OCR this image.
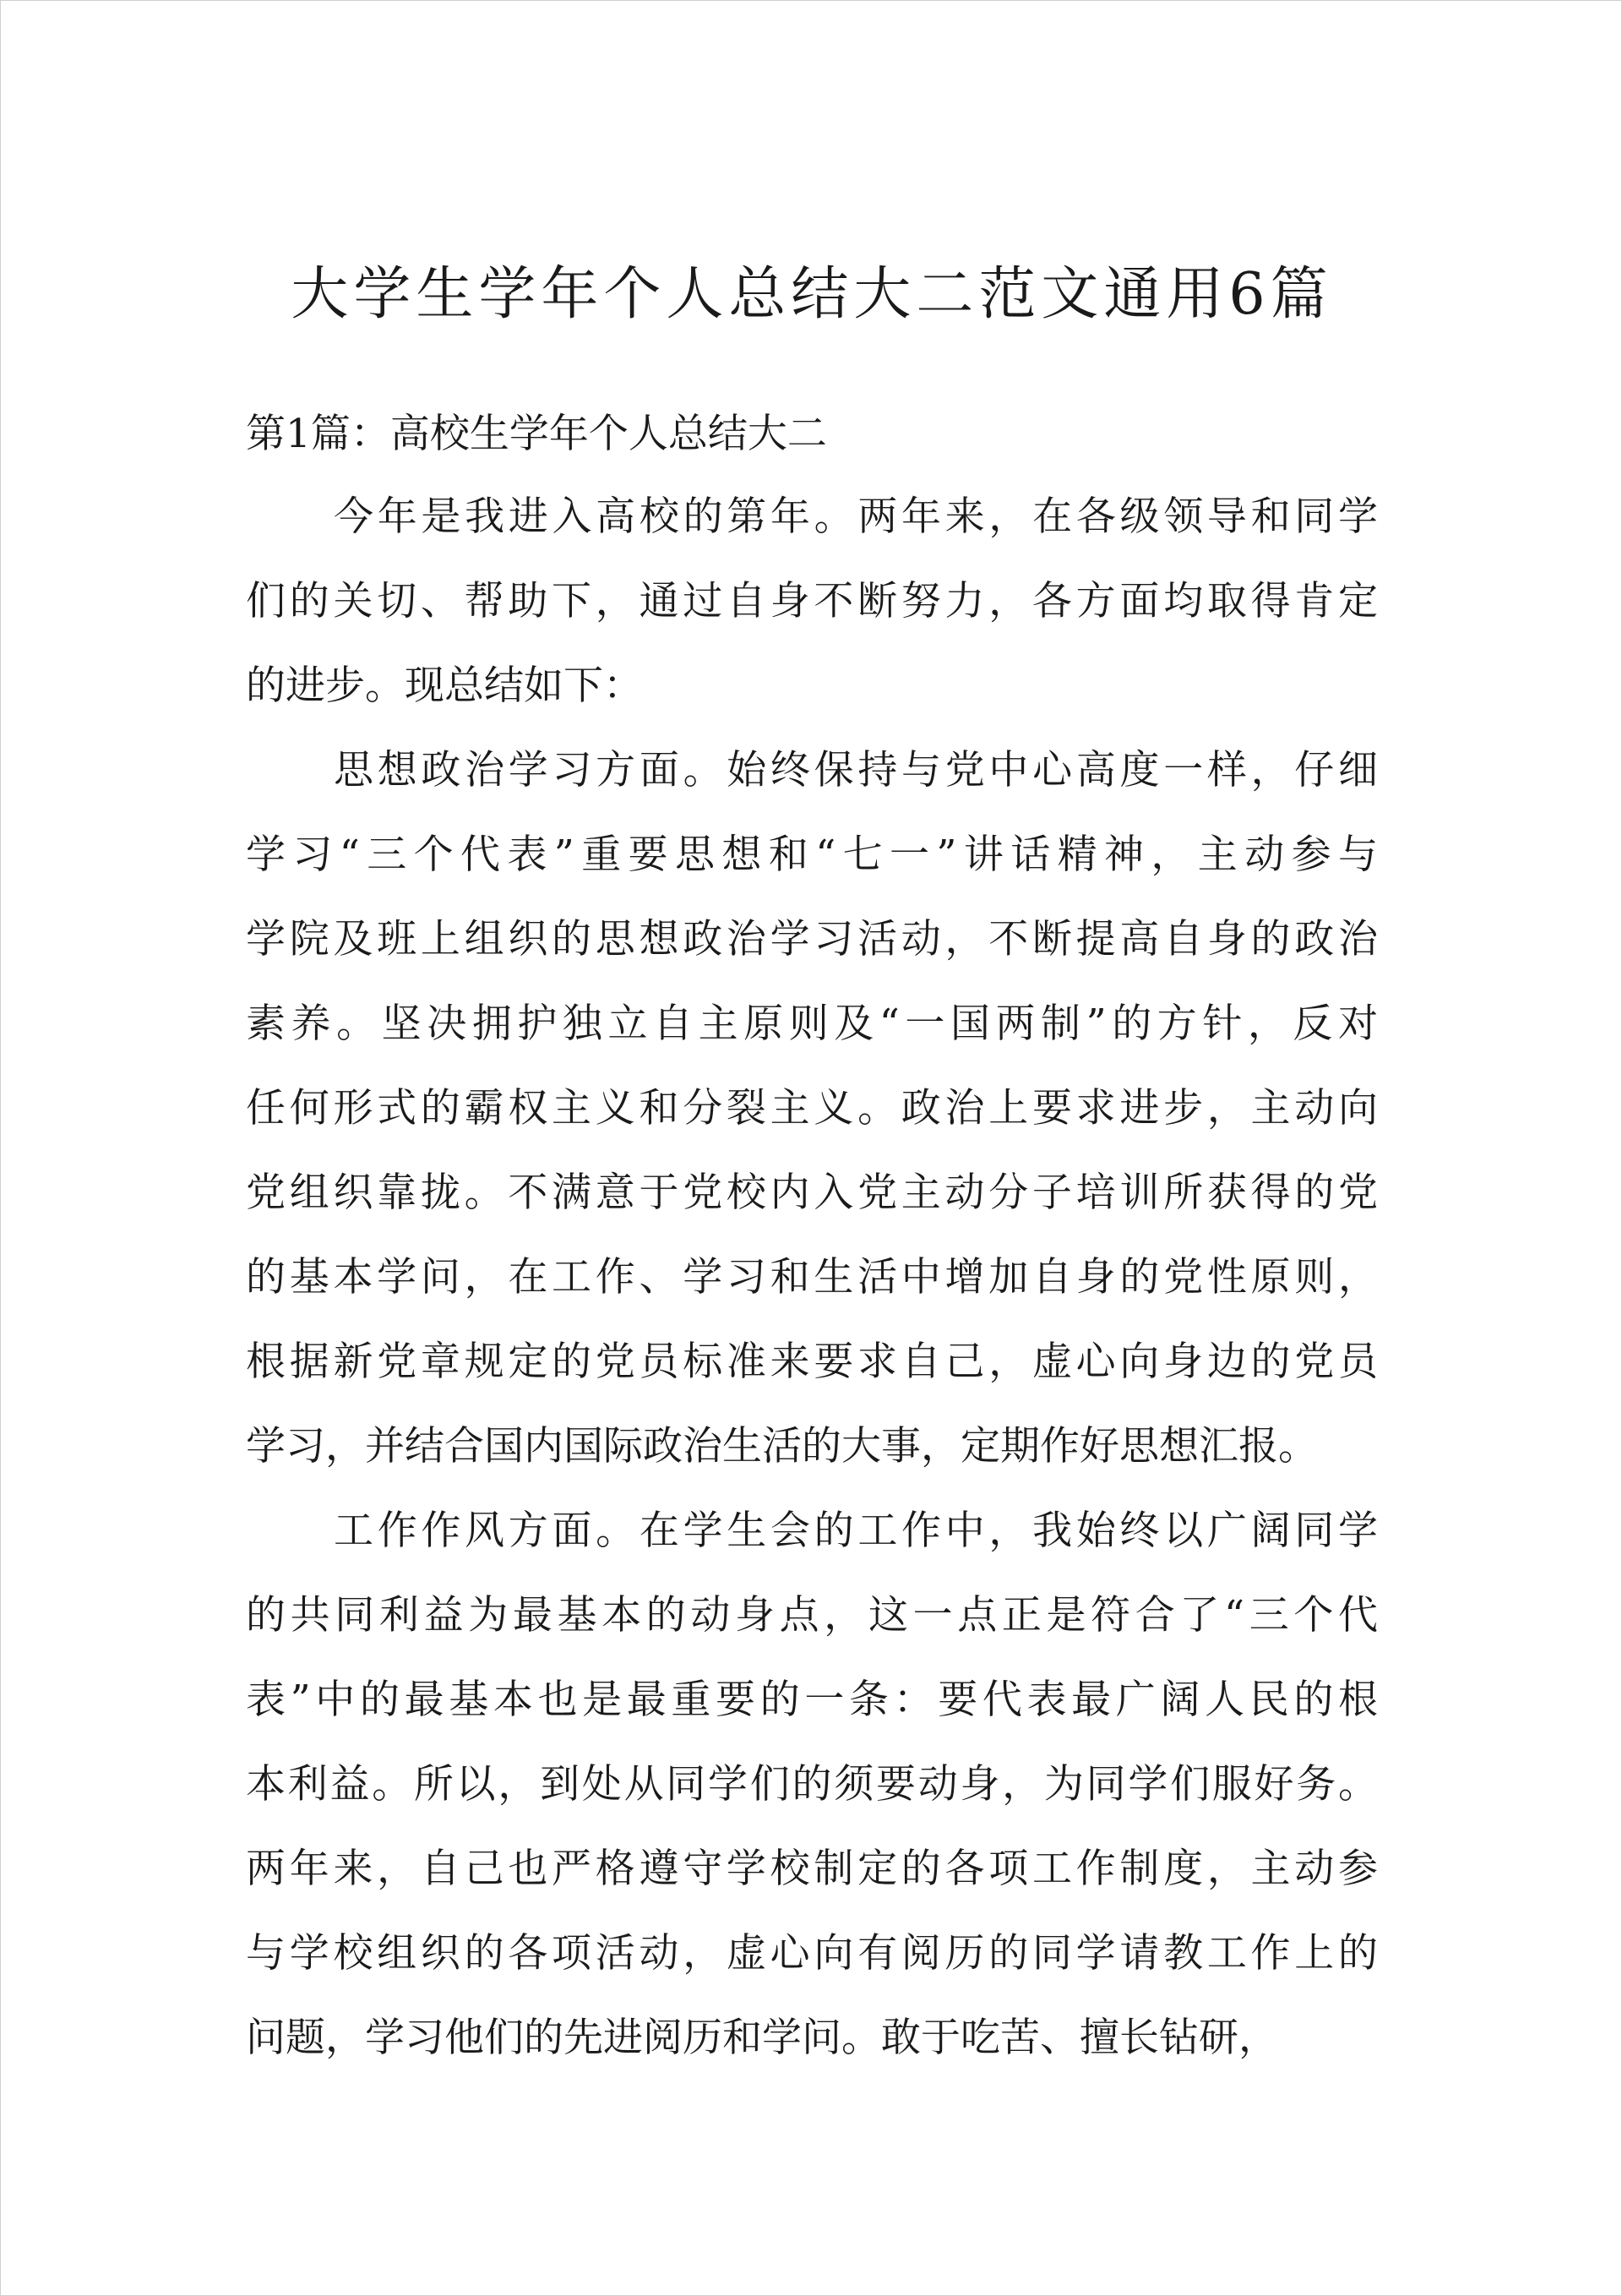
大学生学年个人总结大二范文通用6篇
第1篇：高校生学年个人总结大二
今年是我进入高校的第年。两年来，在各级领导和同学
们的关切、帮助下，通过自身不断努力，各方面均取得肯定
的进步。现总结如下：
思想政治学习方面。始终保持与党中心高度一样，仔细
学习“三个代表”重要思想和“七一”讲话精神，主动参与
学院及班上组织的思想政治学习活动，不断提高自身的政治
素养。坚决拥护独立自主原则及“一国两制”的方针，反对
任何形式的霸权主义和分裂主义。政治上要求进步，主动向
党组织靠拢。不满意于党校内入党主动分子培训所获得的党
的基本学问，在工作、学习和生活中增加自身的党性原则，
根据新党章规定的党员标准来要求自己，虚心向身边的党员
学习，并结合国内国际政治生活的大事，定期作好思想汇报。
工作作风方面。在学生会的工作中，我始终以广阔同学
的共同利益为最基本的动身点，这一点正是符合了“三个代
表”中的最基本也是最重要的一条：要代表最广阔人民的根
本利益。所以，到处从同学们的须要动身，为同学们服好务。
两年来，自己也严格遵守学校制定的各项工作制度，主动参
与学校组织的各项活动，虚心向有阅历的同学请教工作上的
问题，学习他们的先进阅历和学问。敢于吃苦、擅长钻研，
